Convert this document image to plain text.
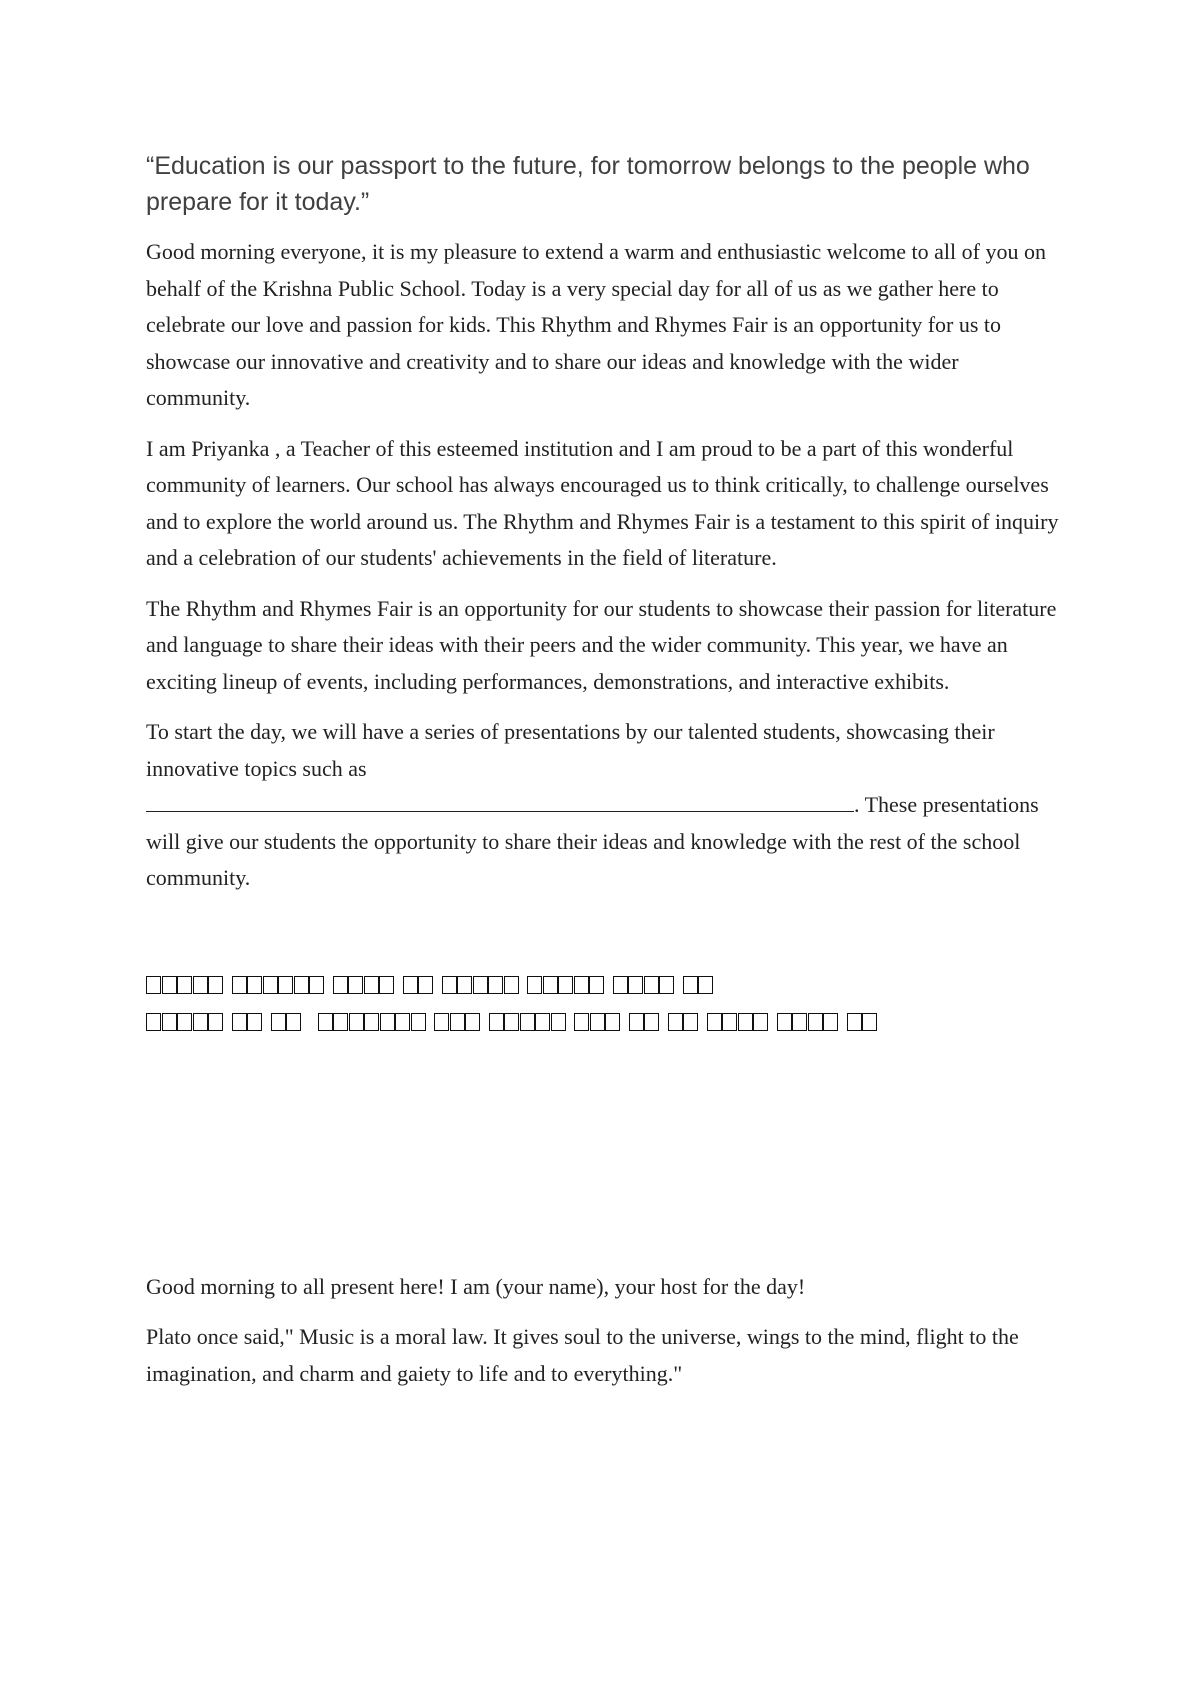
“Education is our passport to the future, for tomorrow belongs to the people who prepare for it today.”

Good morning everyone, it is my pleasure to extend a warm and enthusiastic welcome to all of you on behalf of the Krishna Public School. Today is a very special day for all of us as we gather here to celebrate our love and passion for kids. This Rhythm and Rhymes Fair is an opportunity for us to showcase our innovative and creativity and to share our ideas and knowledge with the wider community.

I am Priyanka , a Teacher of this esteemed institution and I am proud to be a part of this wonderful community of learners. Our school has always encouraged us to think critically, to challenge ourselves and to explore the world around us. The Rhythm and Rhymes Fair is a testament to this spirit of inquiry and a celebration of our students' achievements in the field of literature.

The Rhythm and Rhymes Fair is an opportunity for our students to showcase their passion for literature and language to share their ideas with their peers and the wider community. This year, we have an exciting lineup of events, including performances, demonstrations, and interactive exhibits.

To start the day, we will have a series of presentations by our talented students, showcasing their innovative topics such as . These presentations will give our students the opportunity to share their ideas and knowledge with the rest of the school community.

Good morning to all present here! I am (your name), your host for the day!

Plato once said," Music is a moral law. It gives soul to the universe, wings to the mind, flight to the imagination, and charm and gaiety to life and to everything."
